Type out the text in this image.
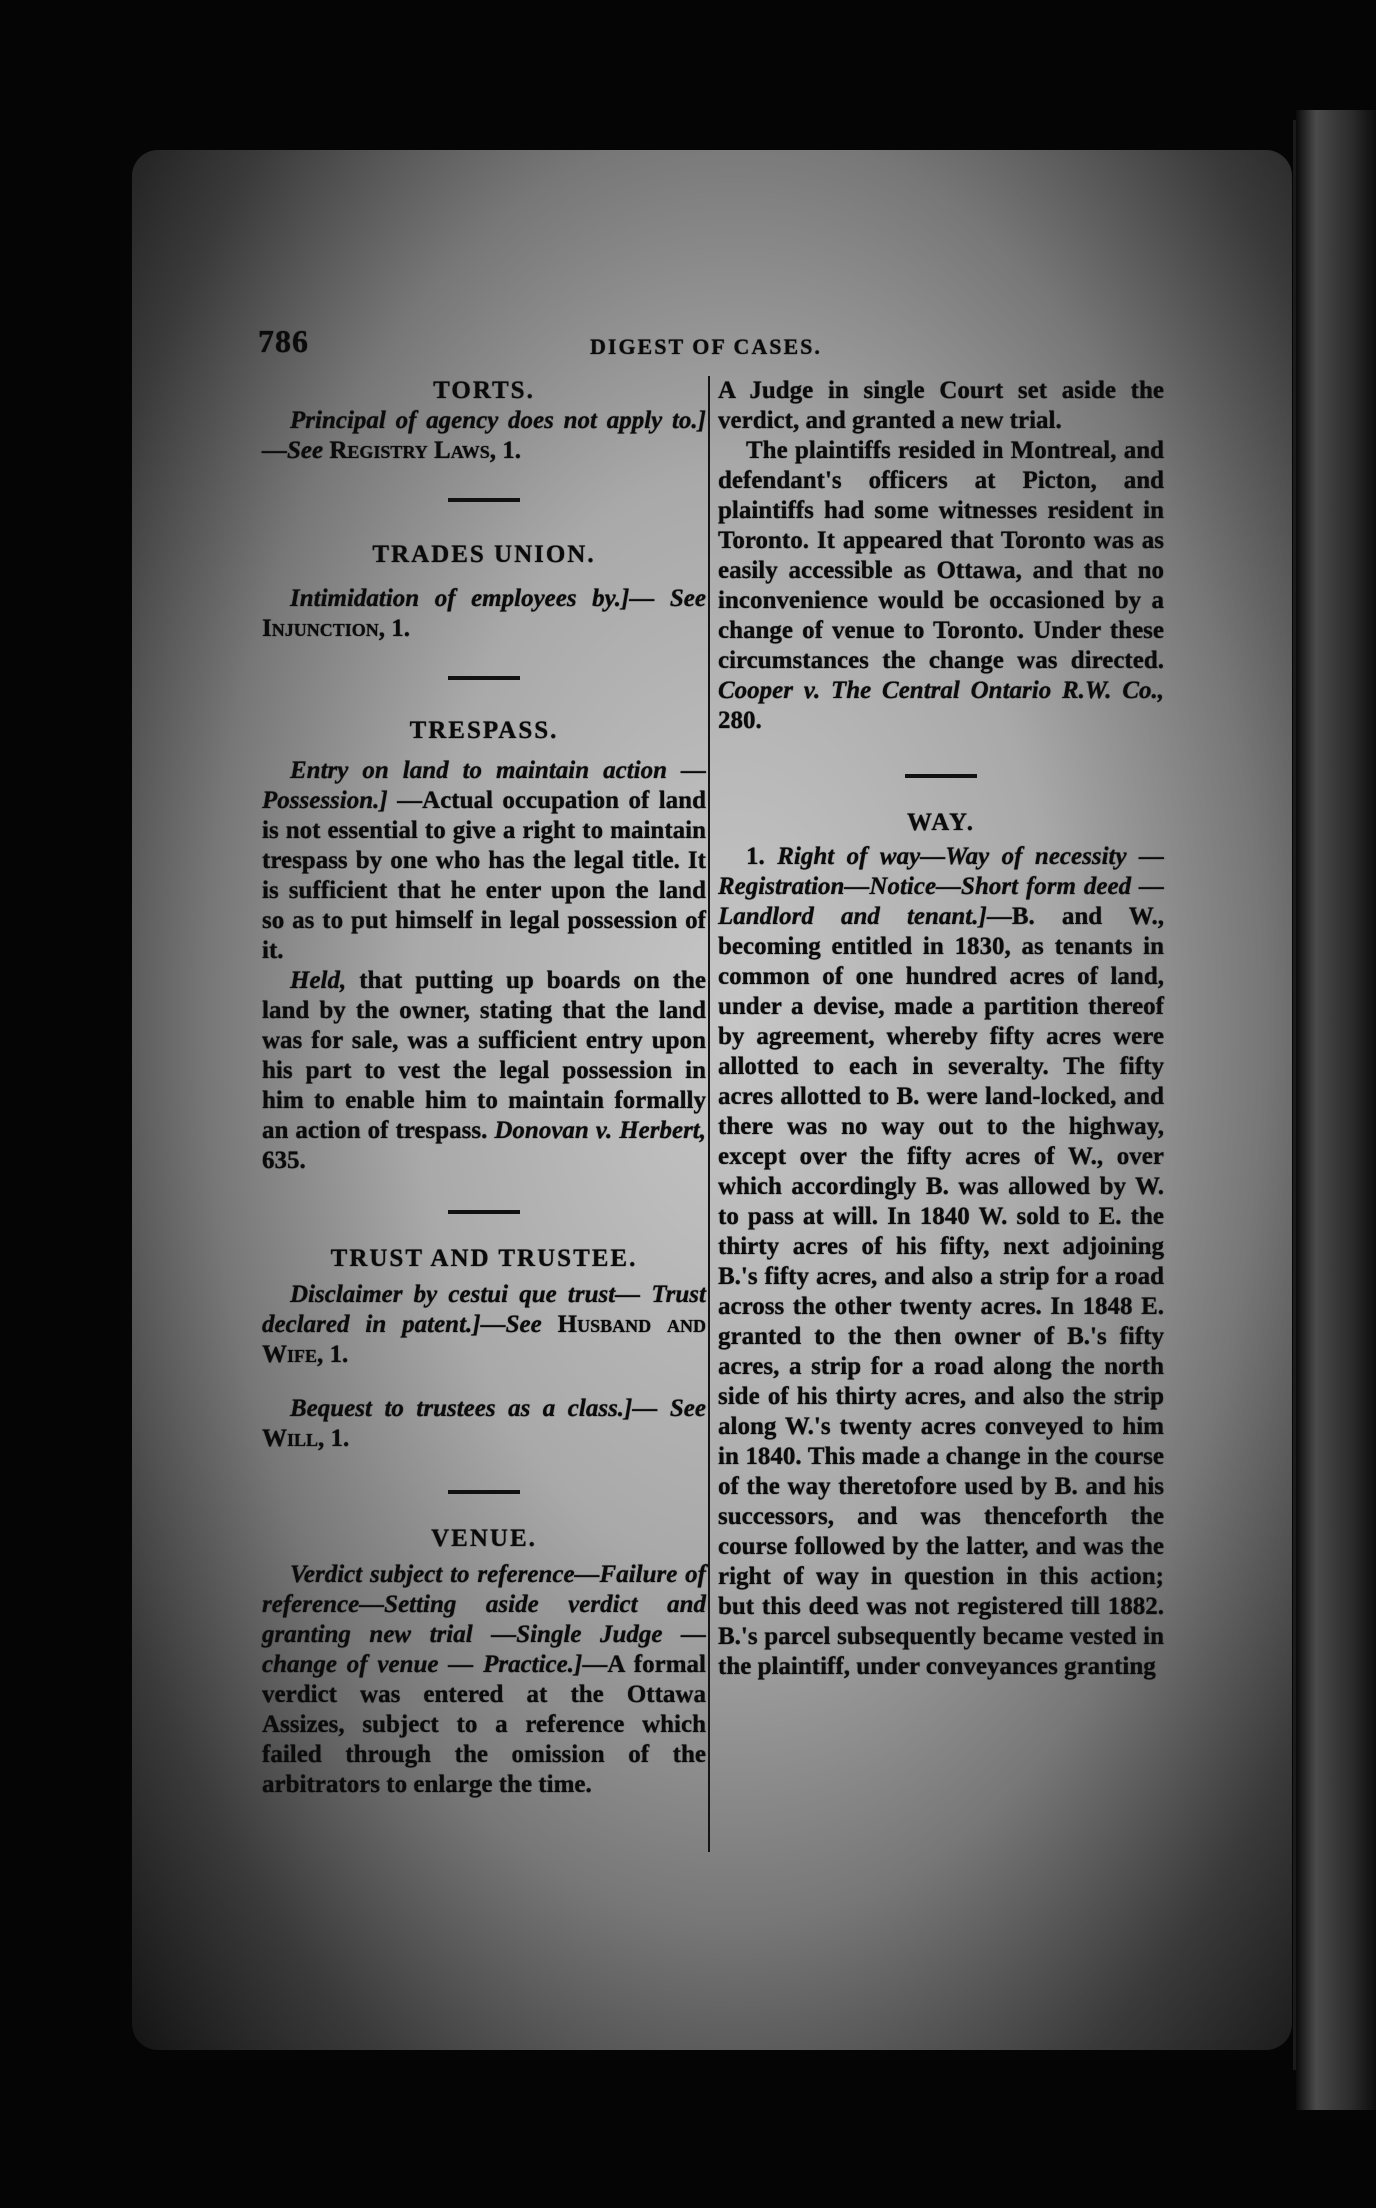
786	DIGEST OF CASES.

TORTS.

Principal of agency does not apply to.]—See Registry Laws, 1.

TRADES UNION.

Intimidation of employees by.]— See Injunction, 1.

TRESPASS.

Entry on land to maintain action —Possession.] —Actual occupation of land is not essential to give a right to maintain trespass by one who has the legal title. It is sufficient that he enter upon the land so as to put himself in legal possession of it.

Held, that putting up boards on the land by the owner, stating that the land was for sale, was a sufficient entry upon his part to vest the legal possession in him to enable him to maintain formally an action of trespass. Donovan v. Herbert, 635.

TRUST AND TRUSTEE.

Disclaimer by cestui que trust— Trust declared in patent.]—See Husband and Wife, 1.

Bequest to trustees as a class.]— See Will, 1.

VENUE.

Verdict subject to reference—Failure of reference—Setting aside verdict and granting new trial —Single Judge —change of venue — Practice.]—A formal verdict was entered at the Ottawa Assizes, subject to a reference which failed through the omission of the arbitrators to enlarge the time.

A Judge in single Court set aside the verdict, and granted a new trial.

The plaintiffs resided in Montreal, and defendant's officers at Picton, and plaintiffs had some witnesses resident in Toronto. It appeared that Toronto was as easily accessible as Ottawa, and that no inconvenience would be occasioned by a change of venue to Toronto. Under these circumstances the change was directed. Cooper v. The Central Ontario R.W. Co., 280.

WAY.

1. Right of way—Way of necessity —Registration—Notice—Short form deed — Landlord and tenant.]—B. and W., becoming entitled in 1830, as tenants in common of one hundred acres of land, under a devise, made a partition thereof by agreement, whereby fifty acres were allotted to each in severalty. The fifty acres allotted to B. were land-locked, and there was no way out to the highway, except over the fifty acres of W., over which accordingly B. was allowed by W. to pass at will. In 1840 W. sold to E. the thirty acres of his fifty, next adjoining B.'s fifty acres, and also a strip for a road across the other twenty acres. In 1848 E. granted to the then owner of B.'s fifty acres, a strip for a road along the north side of his thirty acres, and also the strip along W.'s twenty acres conveyed to him in 1840. This made a change in the course of the way theretofore used by B. and his successors, and was thenceforth the course followed by the latter, and was the right of way in question in this action; but this deed was not registered till 1882. B.'s parcel subsequently became vested in the plaintiff, under conveyances granting
